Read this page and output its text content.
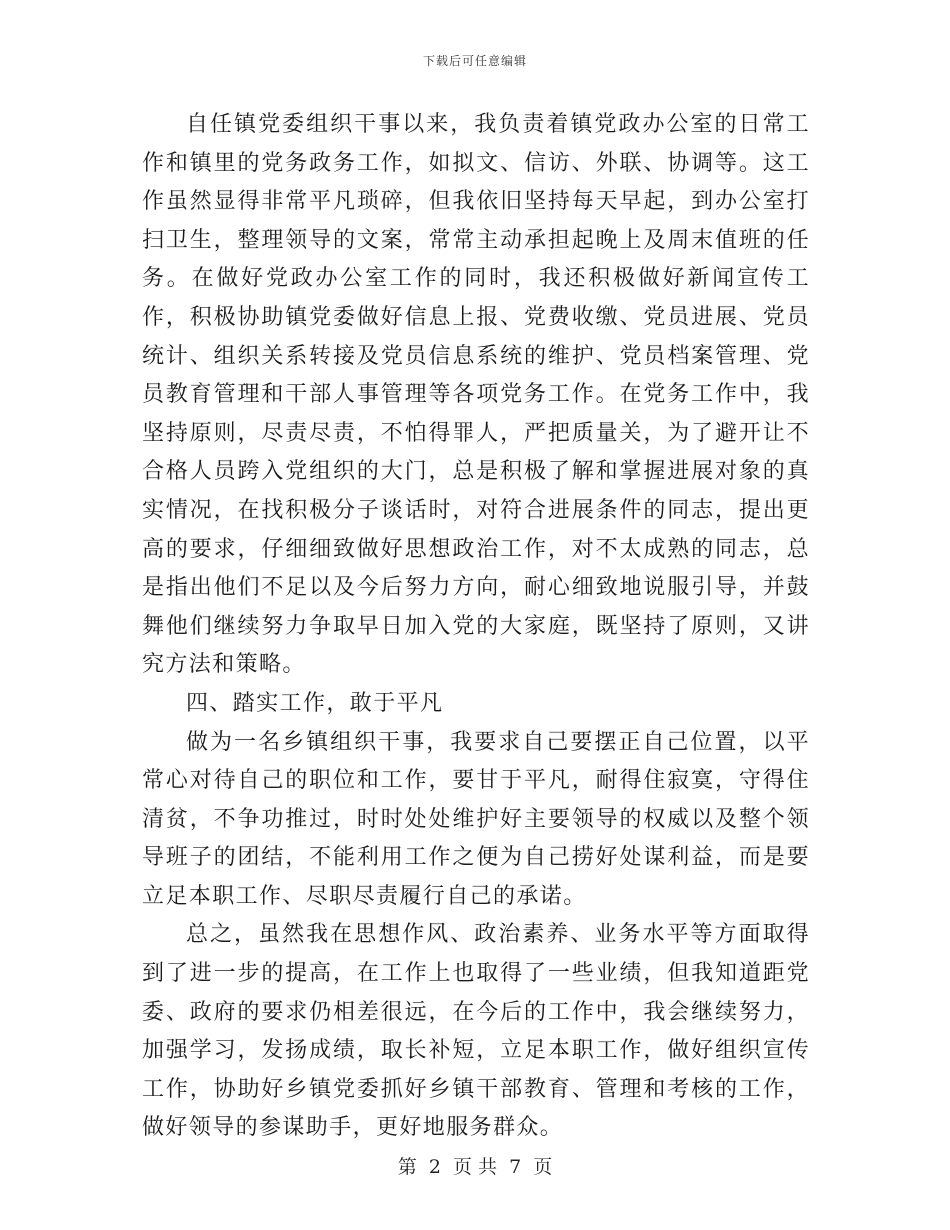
下载后可任意编辑

自任镇党委组织干事以来，我负责着镇党政办公室的日常工作和镇里的党务政务工作，如拟文、信访、外联、协调等。这工作虽然显得非常平凡琐碎，但我依旧坚持每天早起，到办公室打扫卫生，整理领导的文案，常常主动承担起晚上及周末值班的任务。在做好党政办公室工作的同时，我还积极做好新闻宣传工作，积极协助镇党委做好信息上报、党费收缴、党员进展、党员统计、组织关系转接及党员信息系统的维护、党员档案管理、党员教育管理和干部人事管理等各项党务工作。在党务工作中，我坚持原则，尽责尽责，不怕得罪人，严把质量关，为了避开让不合格人员跨入党组织的大门，总是积极了解和掌握进展对象的真实情况，在找积极分子谈话时，对符合进展条件的同志，提出更高的要求，仔细细致做好思想政治工作，对不太成熟的同志，总是指出他们不足以及今后努力方向，耐心细致地说服引导，并鼓舞他们继续努力争取早日加入党的大家庭，既坚持了原则，又讲究方法和策略。

四、踏实工作，敢于平凡

做为一名乡镇组织干事，我要求自己要摆正自己位置，以平常心对待自己的职位和工作，要甘于平凡，耐得住寂寞，守得住清贫，不争功推过，时时处处维护好主要领导的权威以及整个领导班子的团结，不能利用工作之便为自己捞好处谋利益，而是要立足本职工作、尽职尽责履行自己的承诺。

总之，虽然我在思想作风、政治素养、业务水平等方面取得到了进一步的提高，在工作上也取得了一些业绩，但我知道距党委、政府的要求仍相差很远，在今后的工作中，我会继续努力，加强学习，发扬成绩，取长补短，立足本职工作，做好组织宣传工作，协助好乡镇党委抓好乡镇干部教育、管理和考核的工作，做好领导的参谋助手，更好地服务群众。

第 2 页 共 7 页
